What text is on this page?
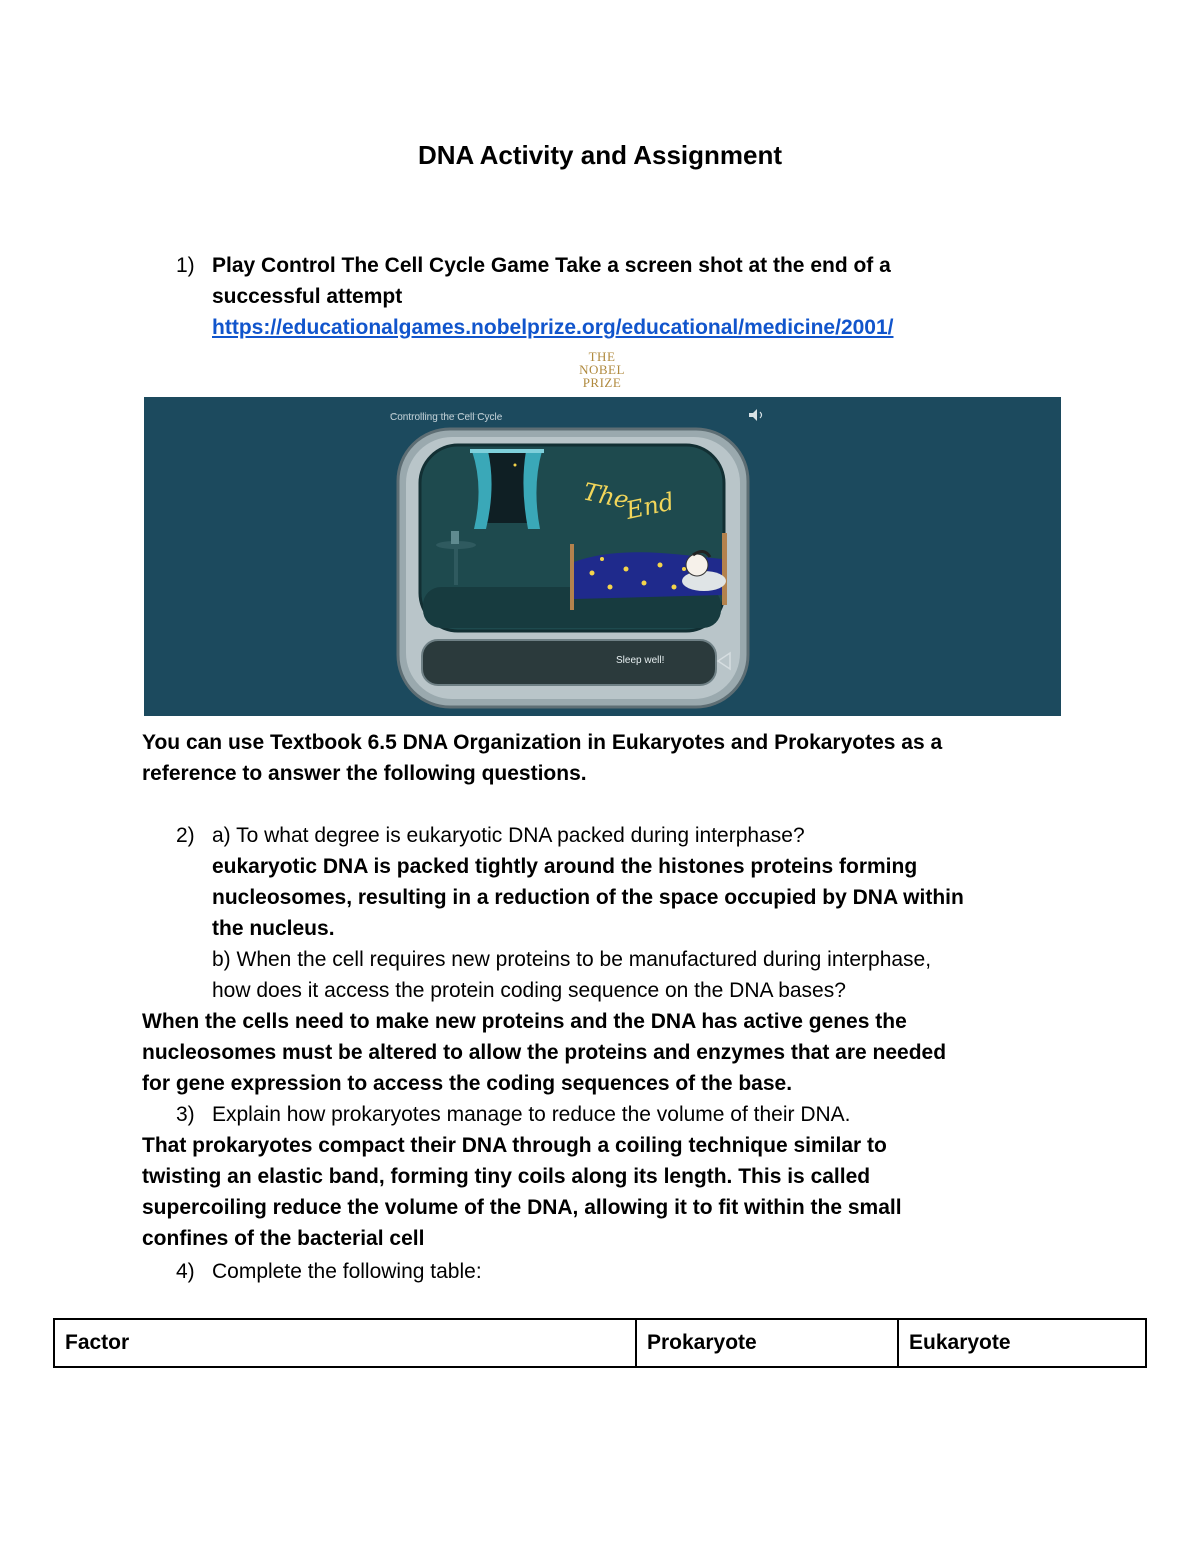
DNA Activity and Assignment
1) Play Control The Cell Cycle Game Take a screen shot at the end of a
successful attempt
https://educationalgames.nobelprize.org/educational/medicine/2001/
THE
NOBEL
PRIZE
Controlling the Cell Cycle
The
End
Sleep well!
You can use Textbook 6.5 DNA Organization in Eukaryotes and Prokaryotes as a
reference to answer the following questions.
2) a) To what degree is eukaryotic DNA packed during interphase?
eukaryotic DNA is packed tightly around the histones proteins forming
nucleosomes, resulting in a reduction of the space occupied by DNA within
the nucleus.
b) When the cell requires new proteins to be manufactured during interphase,
how does it access the protein coding sequence on the DNA bases?
When the cells need to make new proteins and the DNA has active genes the
nucleosomes must be altered to allow the proteins and enzymes that are needed
for gene expression to access the coding sequences of the base.
3) Explain how prokaryotes manage to reduce the volume of their DNA.
That prokaryotes compact their DNA through a coiling technique similar to
twisting an elastic band, forming tiny coils along its length. This is called
supercoiling reduce the volume of the DNA, allowing it to fit within the small
confines of the bacterial cell
4) Complete the following table:
Factor	Prokaryote	Eukaryote
